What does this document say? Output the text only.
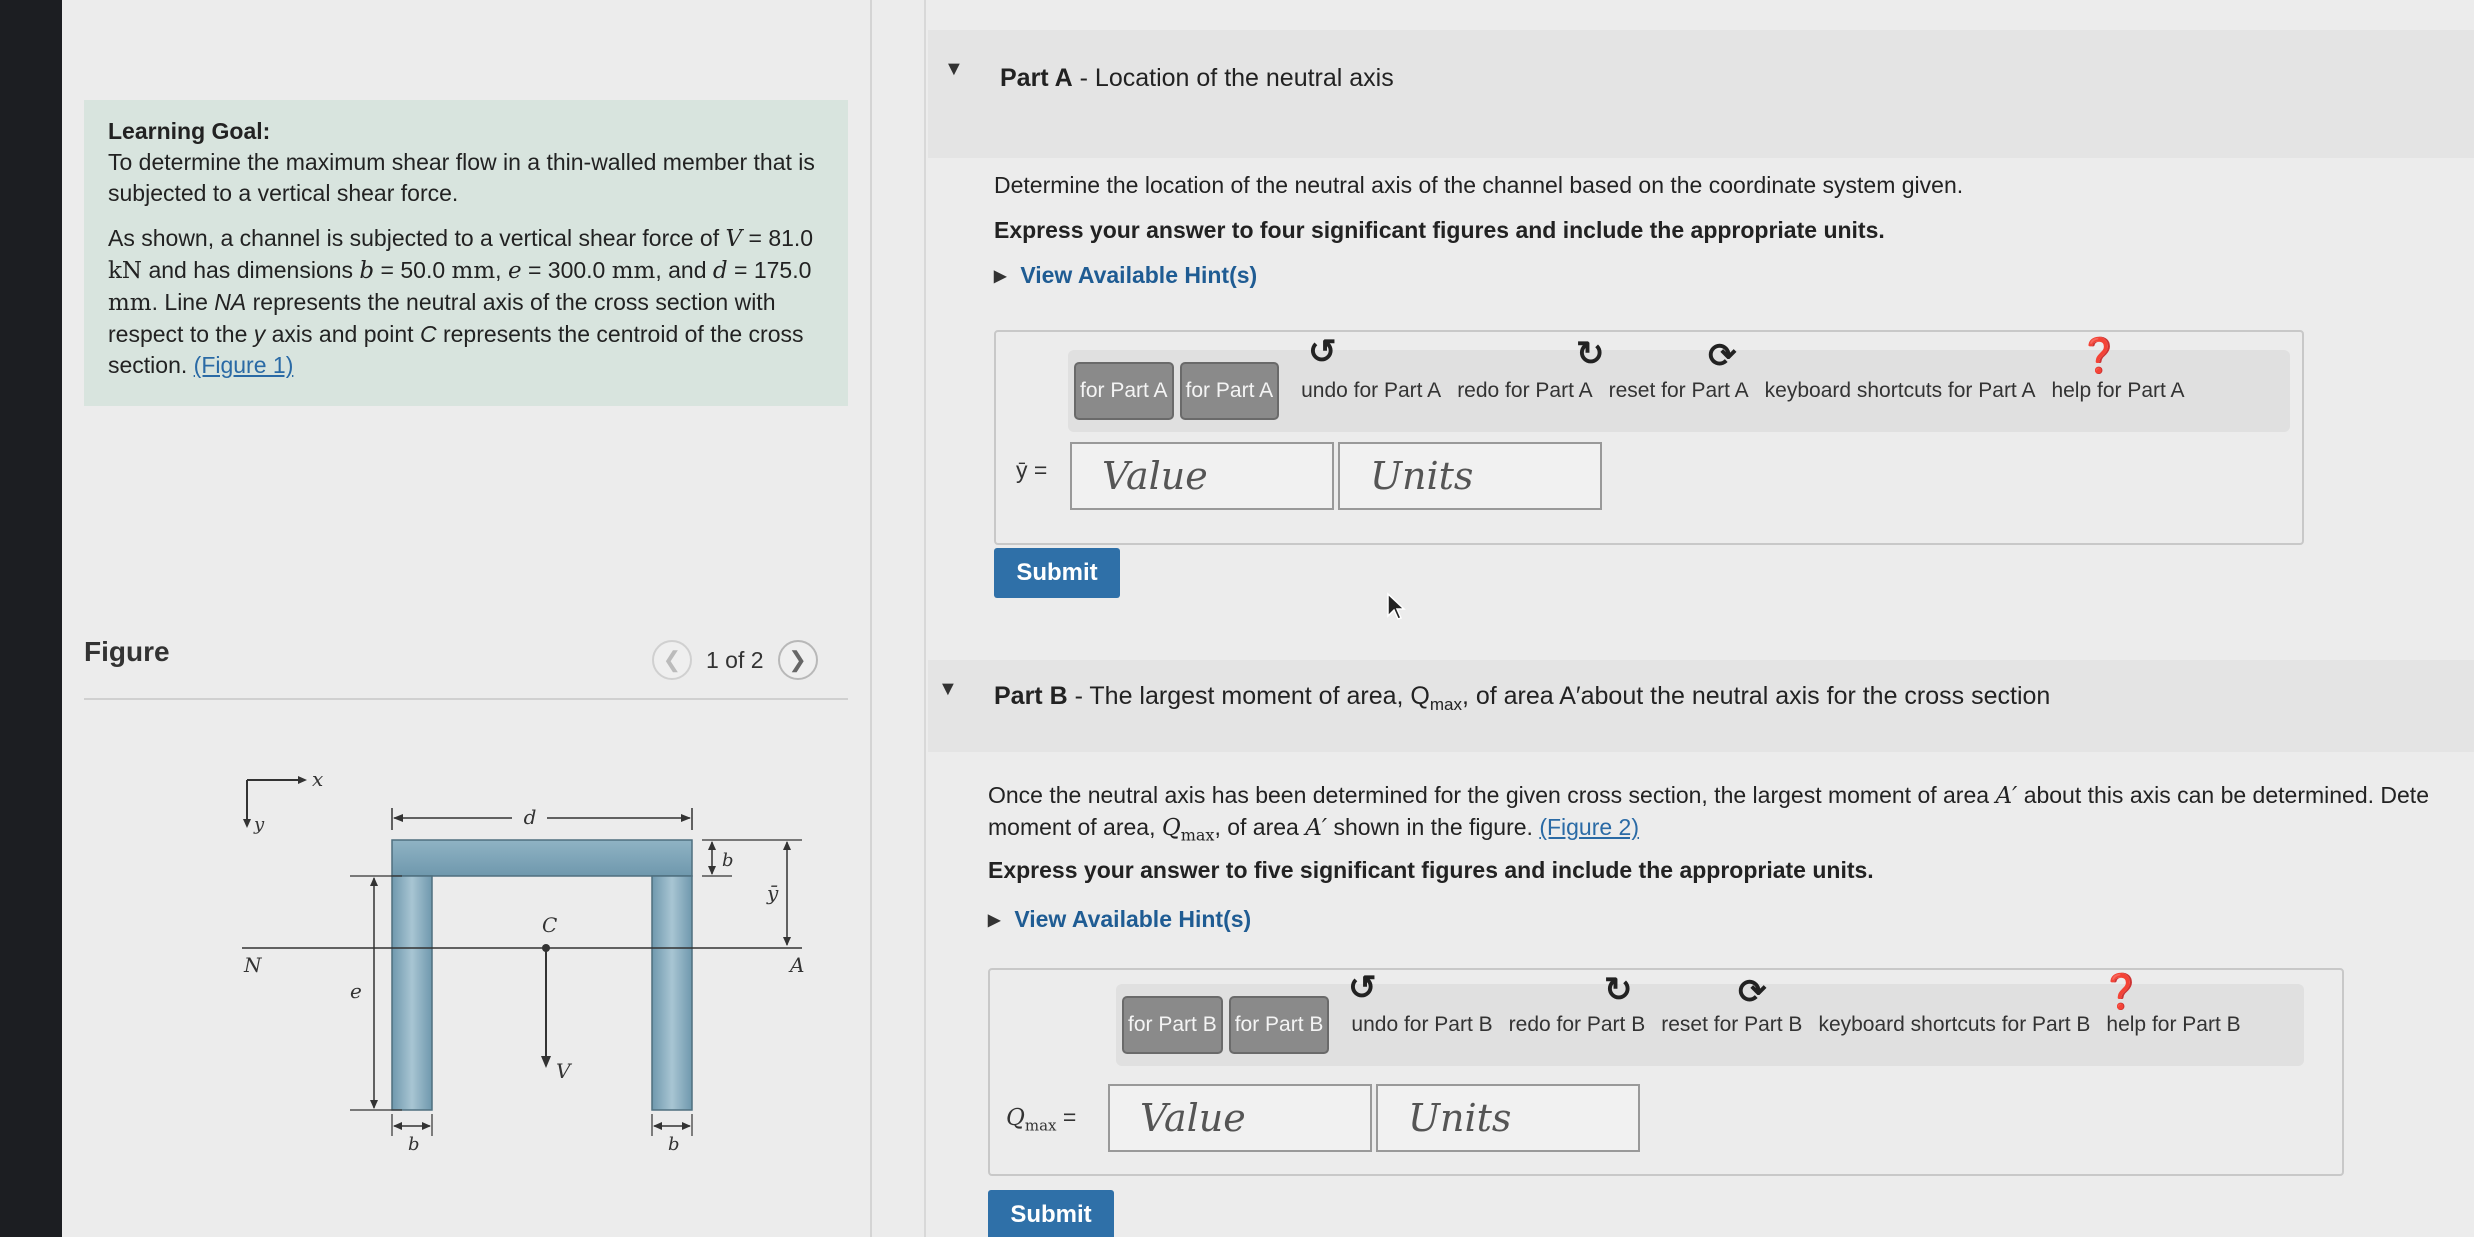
Learning Goal:
To determine the maximum shear flow in a thin-walled member that is subjected to a vertical shear force.

As shown, a channel is subjected to a vertical shear force of V = 81.0 kN and has dimensions b = 50.0 mm, e = 300.0 mm, and d = 175.0 mm. Line NA represents the neutral axis of the cross section with respect to the y axis and point C represents the centroid of the cross section. (Figure 1)

Figure	❮ 1 of 2 ❯
x
y	d
b
ȳ
N	A
C
V
e
b	b
▼ Part A - Location of the neutral axis
Determine the location of the neutral axis of the channel based on the coordinate system given.
Express your answer to four significant figures and include the appropriate units.
▶ View Available Hint(s)
for Part A for Part A undo for Part A redo for Part A reset for Part A keyboard shortcuts for Part A help for Part A
↺	↻	⟳	❓
ȳ =	Value	Units
Submit
▼ Part B - The largest moment of area, $Q_{max}$, of area A′about the neutral axis for the cross section
Once the neutral axis has been determined for the given cross section, the largest moment of area A′ about this axis can be determined. Dete
moment of area, $Q_{max}$, of area A′ shown in the figure. (Figure 2)
Express your answer to five significant figures and include the appropriate units.
▶ View Available Hint(s)
for Part B for Part B undo for Part B redo for Part B reset for Part B keyboard shortcuts for Part B help for Part B
↺	↻	⟳	❓
$Q_{max}$ =	Value	Units
Submit
